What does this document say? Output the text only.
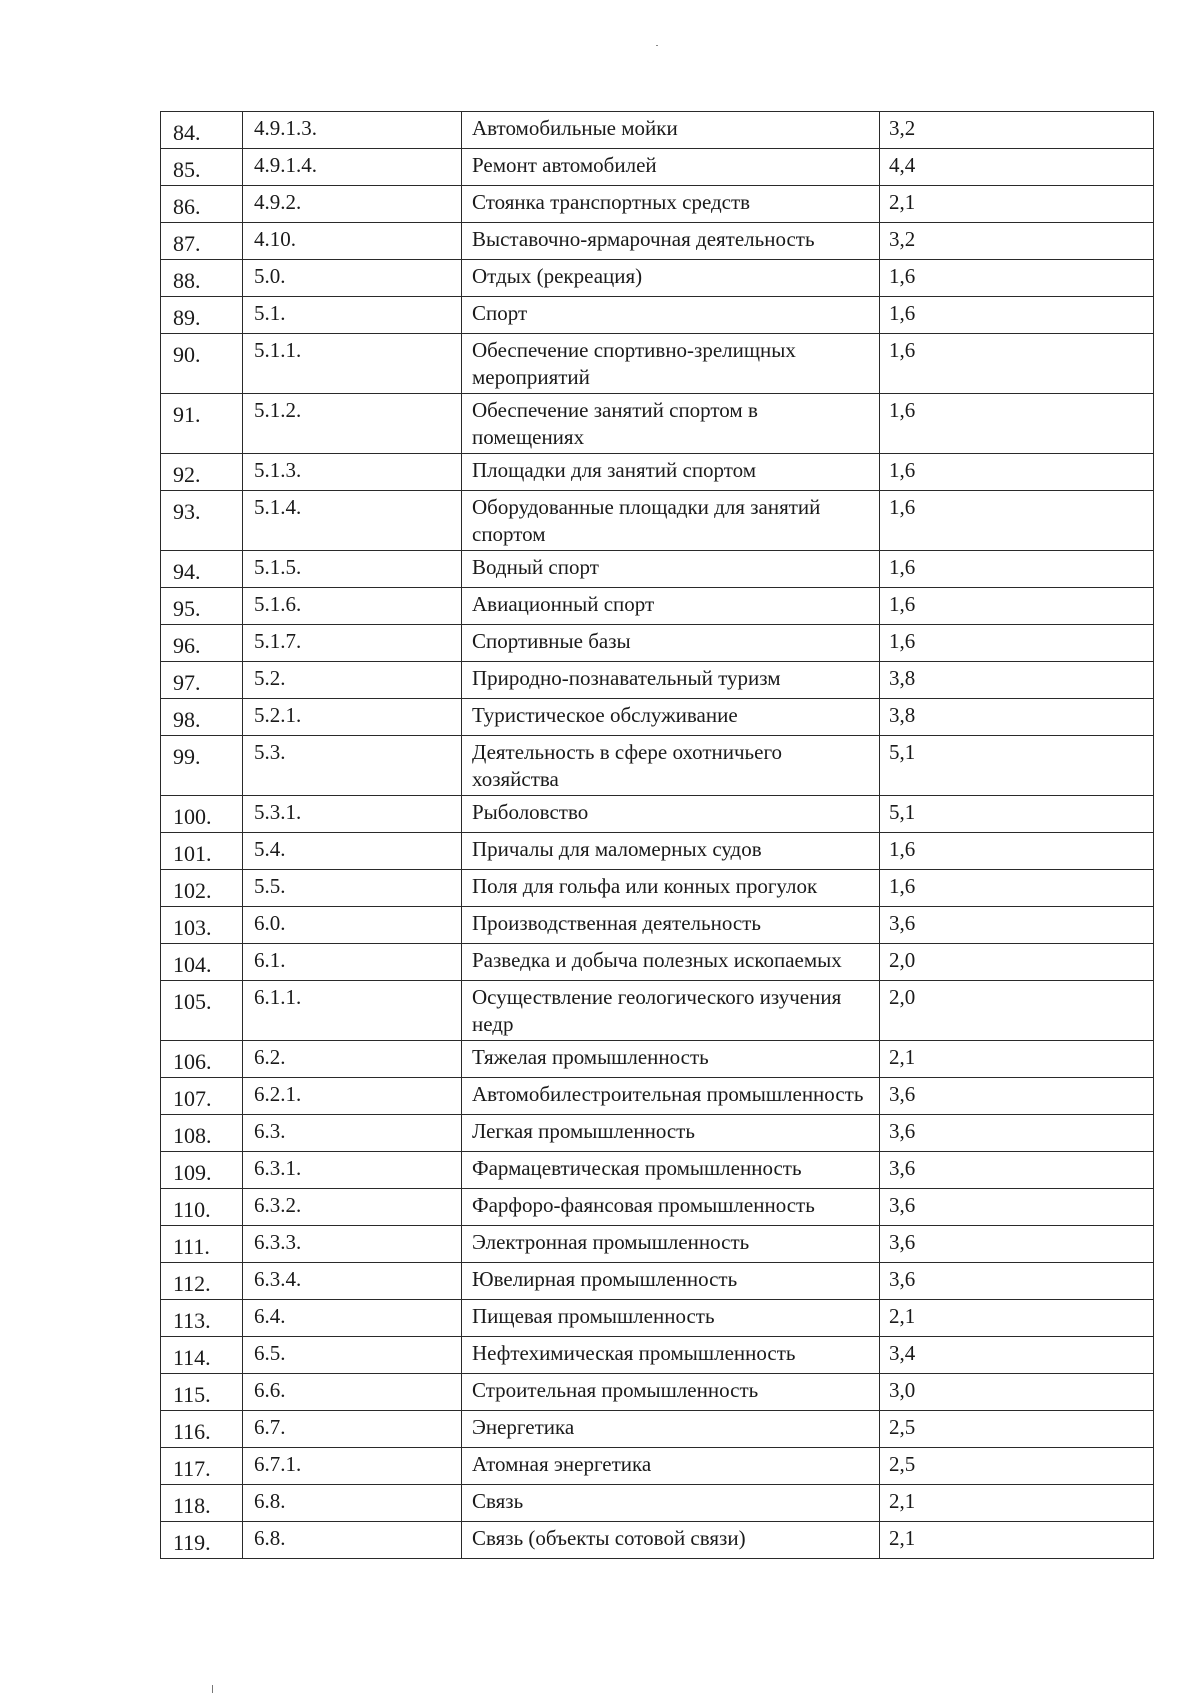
84.	4.9.1.3.	Автомобильные мойки	3,2
85.	4.9.1.4.	Ремонт автомобилей	4,4
86.	4.9.2.	Стоянка транспортных средств	2,1
87.	4.10.	Выставочно-ярмарочная деятельность	3,2
88.	5.0.	Отдых (рекреация)	1,6
89.	5.1.	Спорт	1,6
90.	5.1.1.	Обеспечение спортивно-зрелищных мероприятий	1,6
91.	5.1.2.	Обеспечение занятий спортом в помещениях	1,6
92.	5.1.3.	Площадки для занятий спортом	1,6
93.	5.1.4.	Оборудованные площадки для занятий спортом	1,6
94.	5.1.5.	Водный спорт	1,6
95.	5.1.6.	Авиационный спорт	1,6
96.	5.1.7.	Спортивные базы	1,6
97.	5.2.	Природно-познавательный туризм	3,8
98.	5.2.1.	Туристическое обслуживание	3,8
99.	5.3.	Деятельность в сфере охотничьего хозяйства	5,1
100.	5.3.1.	Рыболовство	5,1
101.	5.4.	Причалы для маломерных судов	1,6
102.	5.5.	Поля для гольфа или конных прогулок	1,6
103.	6.0.	Производственная деятельность	3,6
104.	6.1.	Разведка и добыча полезных ископаемых	2,0
105.	6.1.1.	Осуществление геологического изучения недр	2,0
106.	6.2.	Тяжелая промышленность	2,1
107.	6.2.1.	Автомобилестроительная промышленность	3,6
108.	6.3.	Легкая промышленность	3,6
109.	6.3.1.	Фармацевтическая промышленность	3,6
110.	6.3.2.	Фарфоро-фаянсовая промышленность	3,6
111.	6.3.3.	Электронная промышленность	3,6
112.	6.3.4.	Ювелирная промышленность	3,6
113.	6.4.	Пищевая промышленность	2,1
114.	6.5.	Нефтехимическая промышленность	3,4
115.	6.6.	Строительная промышленность	3,0
116.	6.7.	Энергетика	2,5
117.	6.7.1.	Атомная энергетика	2,5
118.	6.8.	Связь	2,1
119.	6.8.	Связь (объекты сотовой связи)	2,1
